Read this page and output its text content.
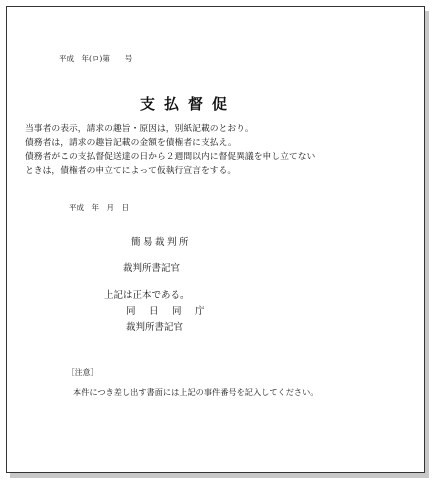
平成　年(ロ)第　　号
支払督促
当事者の表示，請求の趣旨・原因は，別紙記載のとおり。
債務者は，請求の趣旨記載の金額を債権者に支払え。
債務者がこの支払督促送達の日から２週間以内に督促異議を申し立てない
ときは，債権者の申立てによって仮執行宣言をする。
平成　年　月　日
簡易裁判所
裁判所書記官
上記は正本である。
同　日　同　庁
裁判所書記官
［注意］
本件につき差し出す書面には上記の事件番号を記入してください。
